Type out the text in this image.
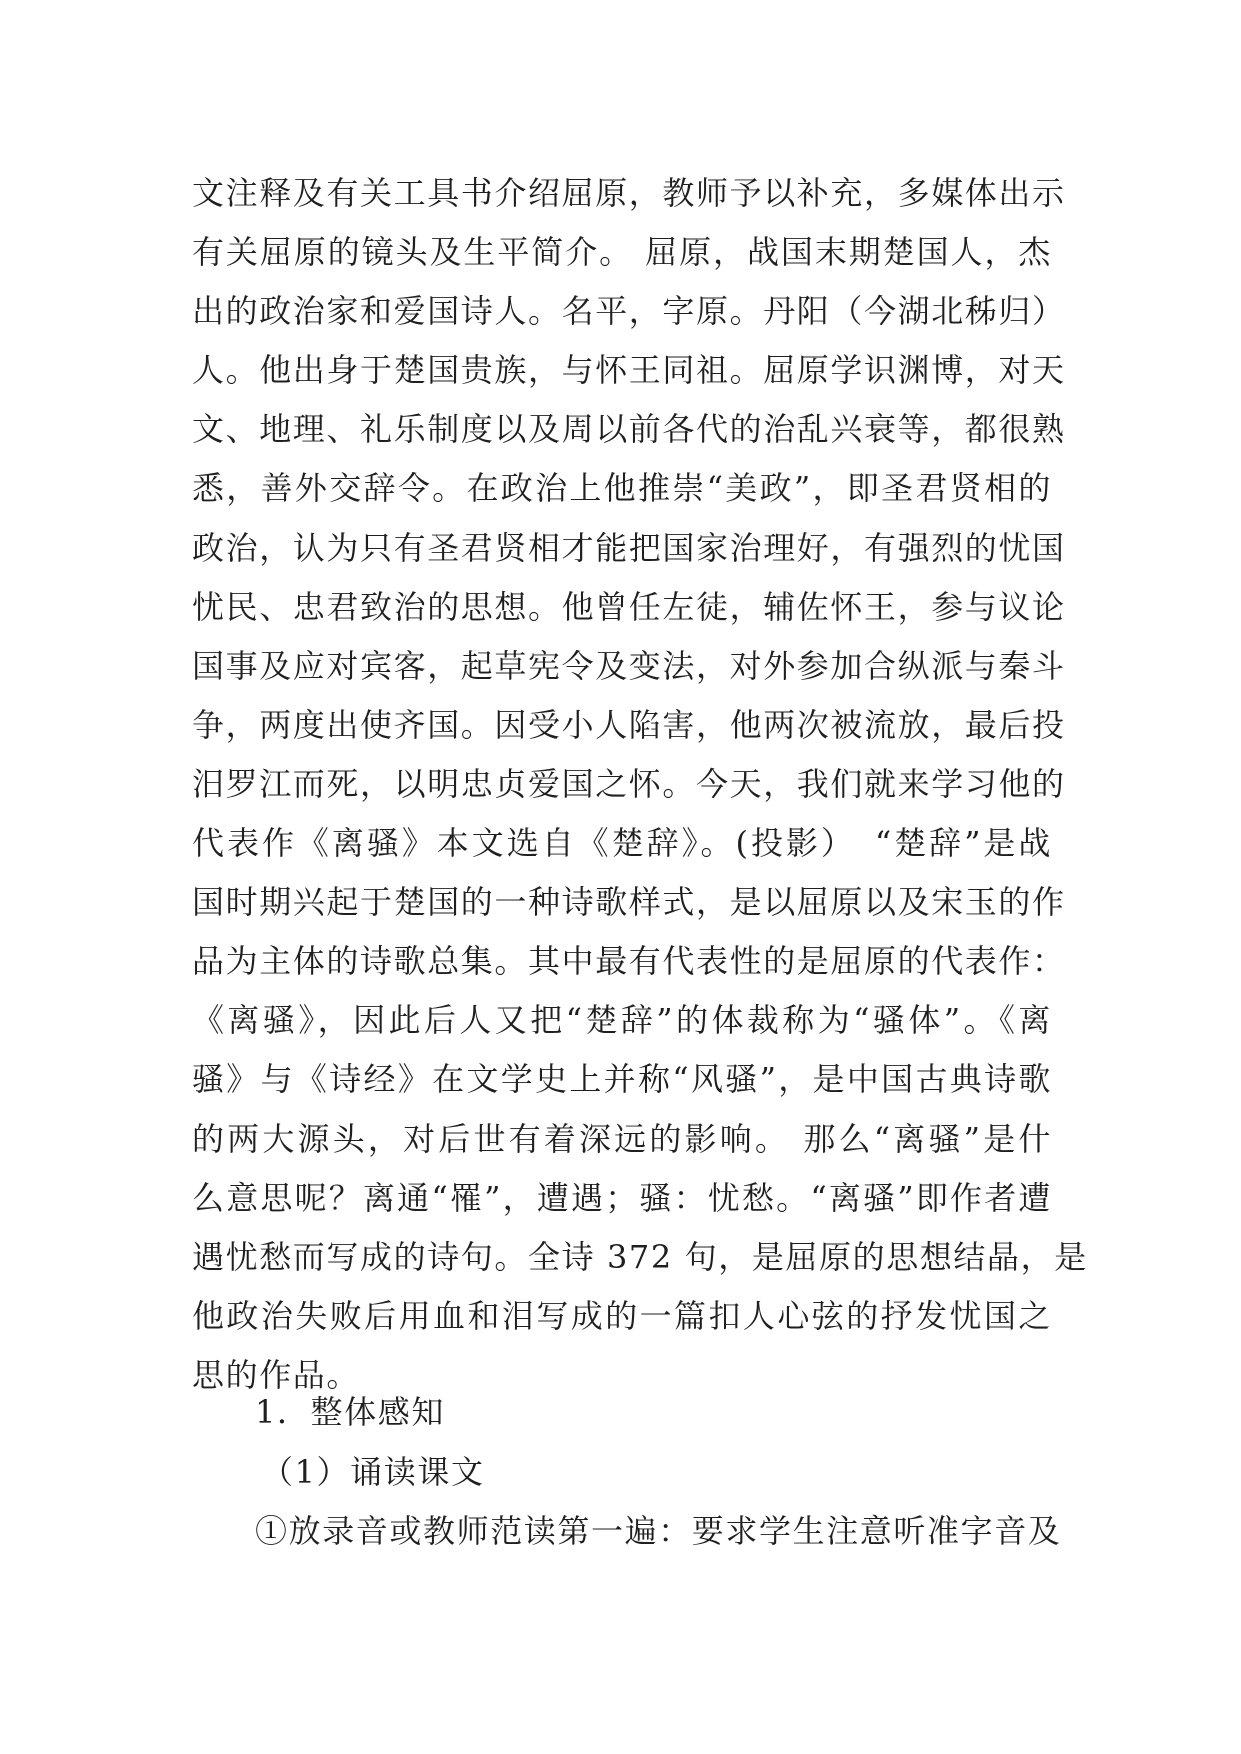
文注释及有关工具书介绍屈原，教师予以补充，多媒体出示
有关屈原的镜头及生平简介。 屈原，战国末期楚国人，杰
出的政治家和爱国诗人。名平，字原。丹阳（今湖北秭归）
人。他出身于楚国贵族，与怀王同祖。屈原学识渊博，对天
文、地理、礼乐制度以及周以前各代的治乱兴衰等，都很熟
悉，善外交辞令。在政治上他推崇“美政”，即圣君贤相的
政治，认为只有圣君贤相才能把国家治理好，有强烈的忧国
忧民、忠君致治的思想。他曾任左徒，辅佐怀王，参与议论
国事及应对宾客，起草宪令及变法，对外参加合纵派与秦斗
争，两度出使齐国。因受小人陷害，他两次被流放，最后投
汨罗江而死，以明忠贞爱国之怀。今天，我们就来学习他的
代表作《离骚》本文选自《楚辞》。(投影）　“楚辞”是战
国时期兴起于楚国的一种诗歌样式，是以屈原以及宋玉的作
品为主体的诗歌总集。其中最有代表性的是屈原的代表作：
《离骚》，因此后人又把“楚辞”的体裁称为“骚体”。《离
骚》与《诗经》在文学史上并称“风骚”，是中国古典诗歌
的两大源头，对后世有着深远的影响。 那么“离骚”是什
么意思呢？离通“罹”，遭遇；骚：忧愁。“离骚”即作者遭
遇忧愁而写成的诗句。全诗 372 句，是屈原的思想结晶，是
他政治失败后用血和泪写成的一篇扣人心弦的抒发忧国之
思的作品。
1．整体感知
（1）诵读课文
①放录音或教师范读第一遍：要求学生注意听准字音及
